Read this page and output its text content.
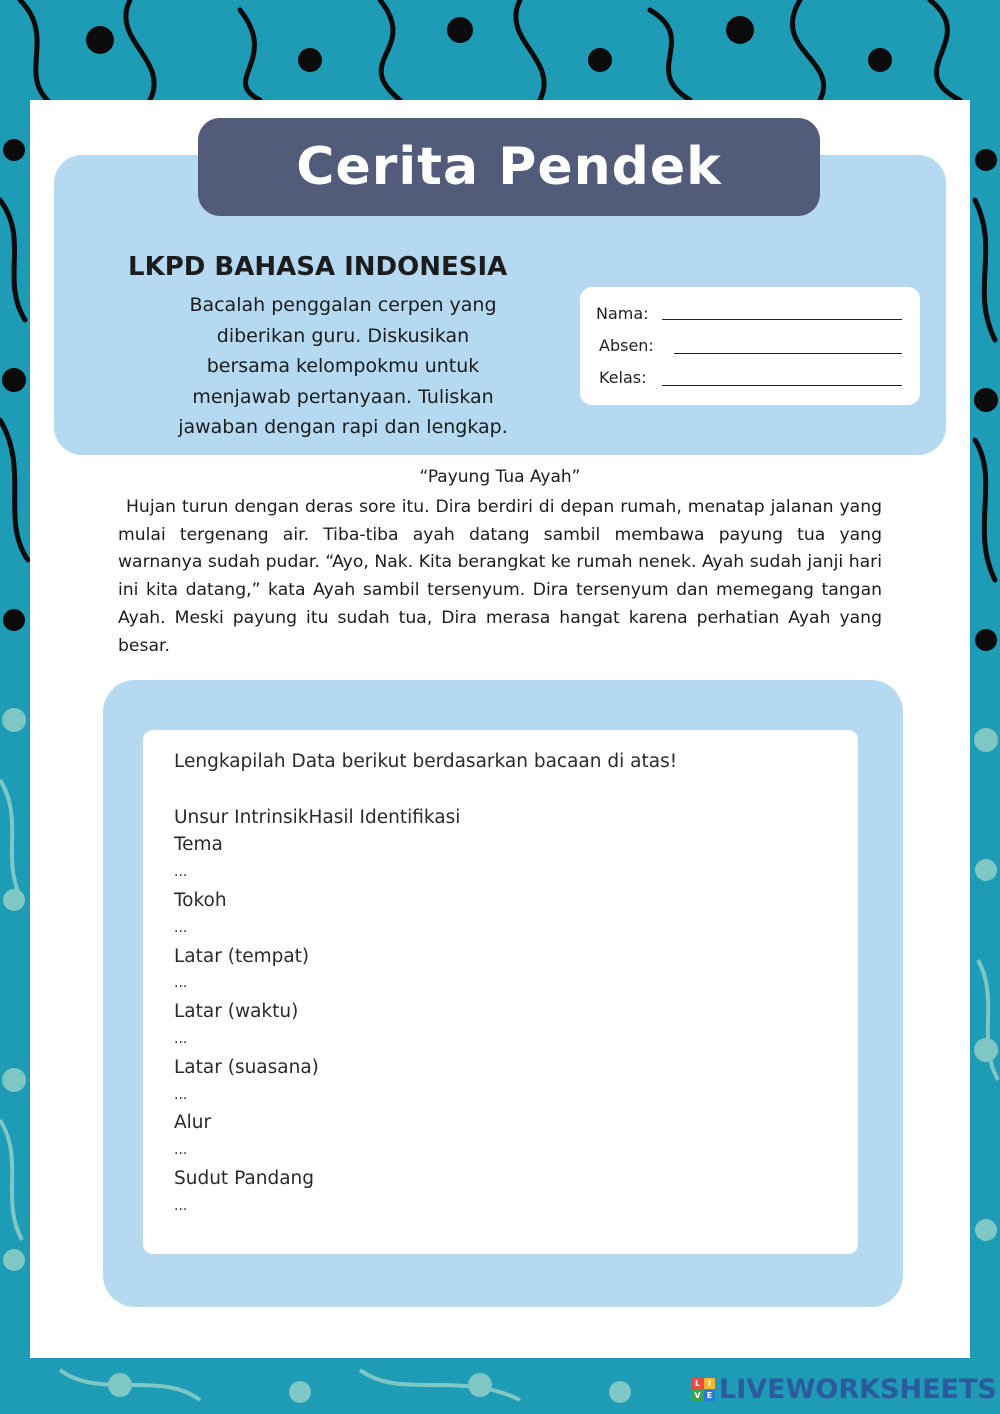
Cerita Pendek
LKPD BAHASA INDONESIA
Bacalah penggalan cerpen yang
diberikan guru. Diskusikan
bersama kelompokmu untuk
menjawab pertanyaan. Tuliskan
jawaban dengan rapi dan lengkap.
Nama:
Absen:
Kelas:
“Payung Tua Ayah”
Hujan turun dengan deras sore itu. Dira berdiri di depan rumah, menatap jalanan yang mulai tergenang air. Tiba-tiba ayah datang sambil membawa payung tua yang warnanya sudah pudar. “Ayo, Nak. Kita berangkat ke rumah nenek. Ayah sudah janji hari ini kita datang,” kata Ayah sambil tersenyum. Dira tersenyum dan memegang tangan Ayah. Meski payung itu sudah tua, Dira merasa hangat karena perhatian Ayah yang besar.
Lengkapilah Data berikut berdasarkan bacaan di atas!
Unsur IntrinsikHasil Identifikasi
Tema
...
Tokoh
...
Latar (tempat)
...
Latar (waktu)
...
Latar (suasana)
...
Alur
...
Sudut Pandang
...
L I
V E LIVEWORKSHEETS
